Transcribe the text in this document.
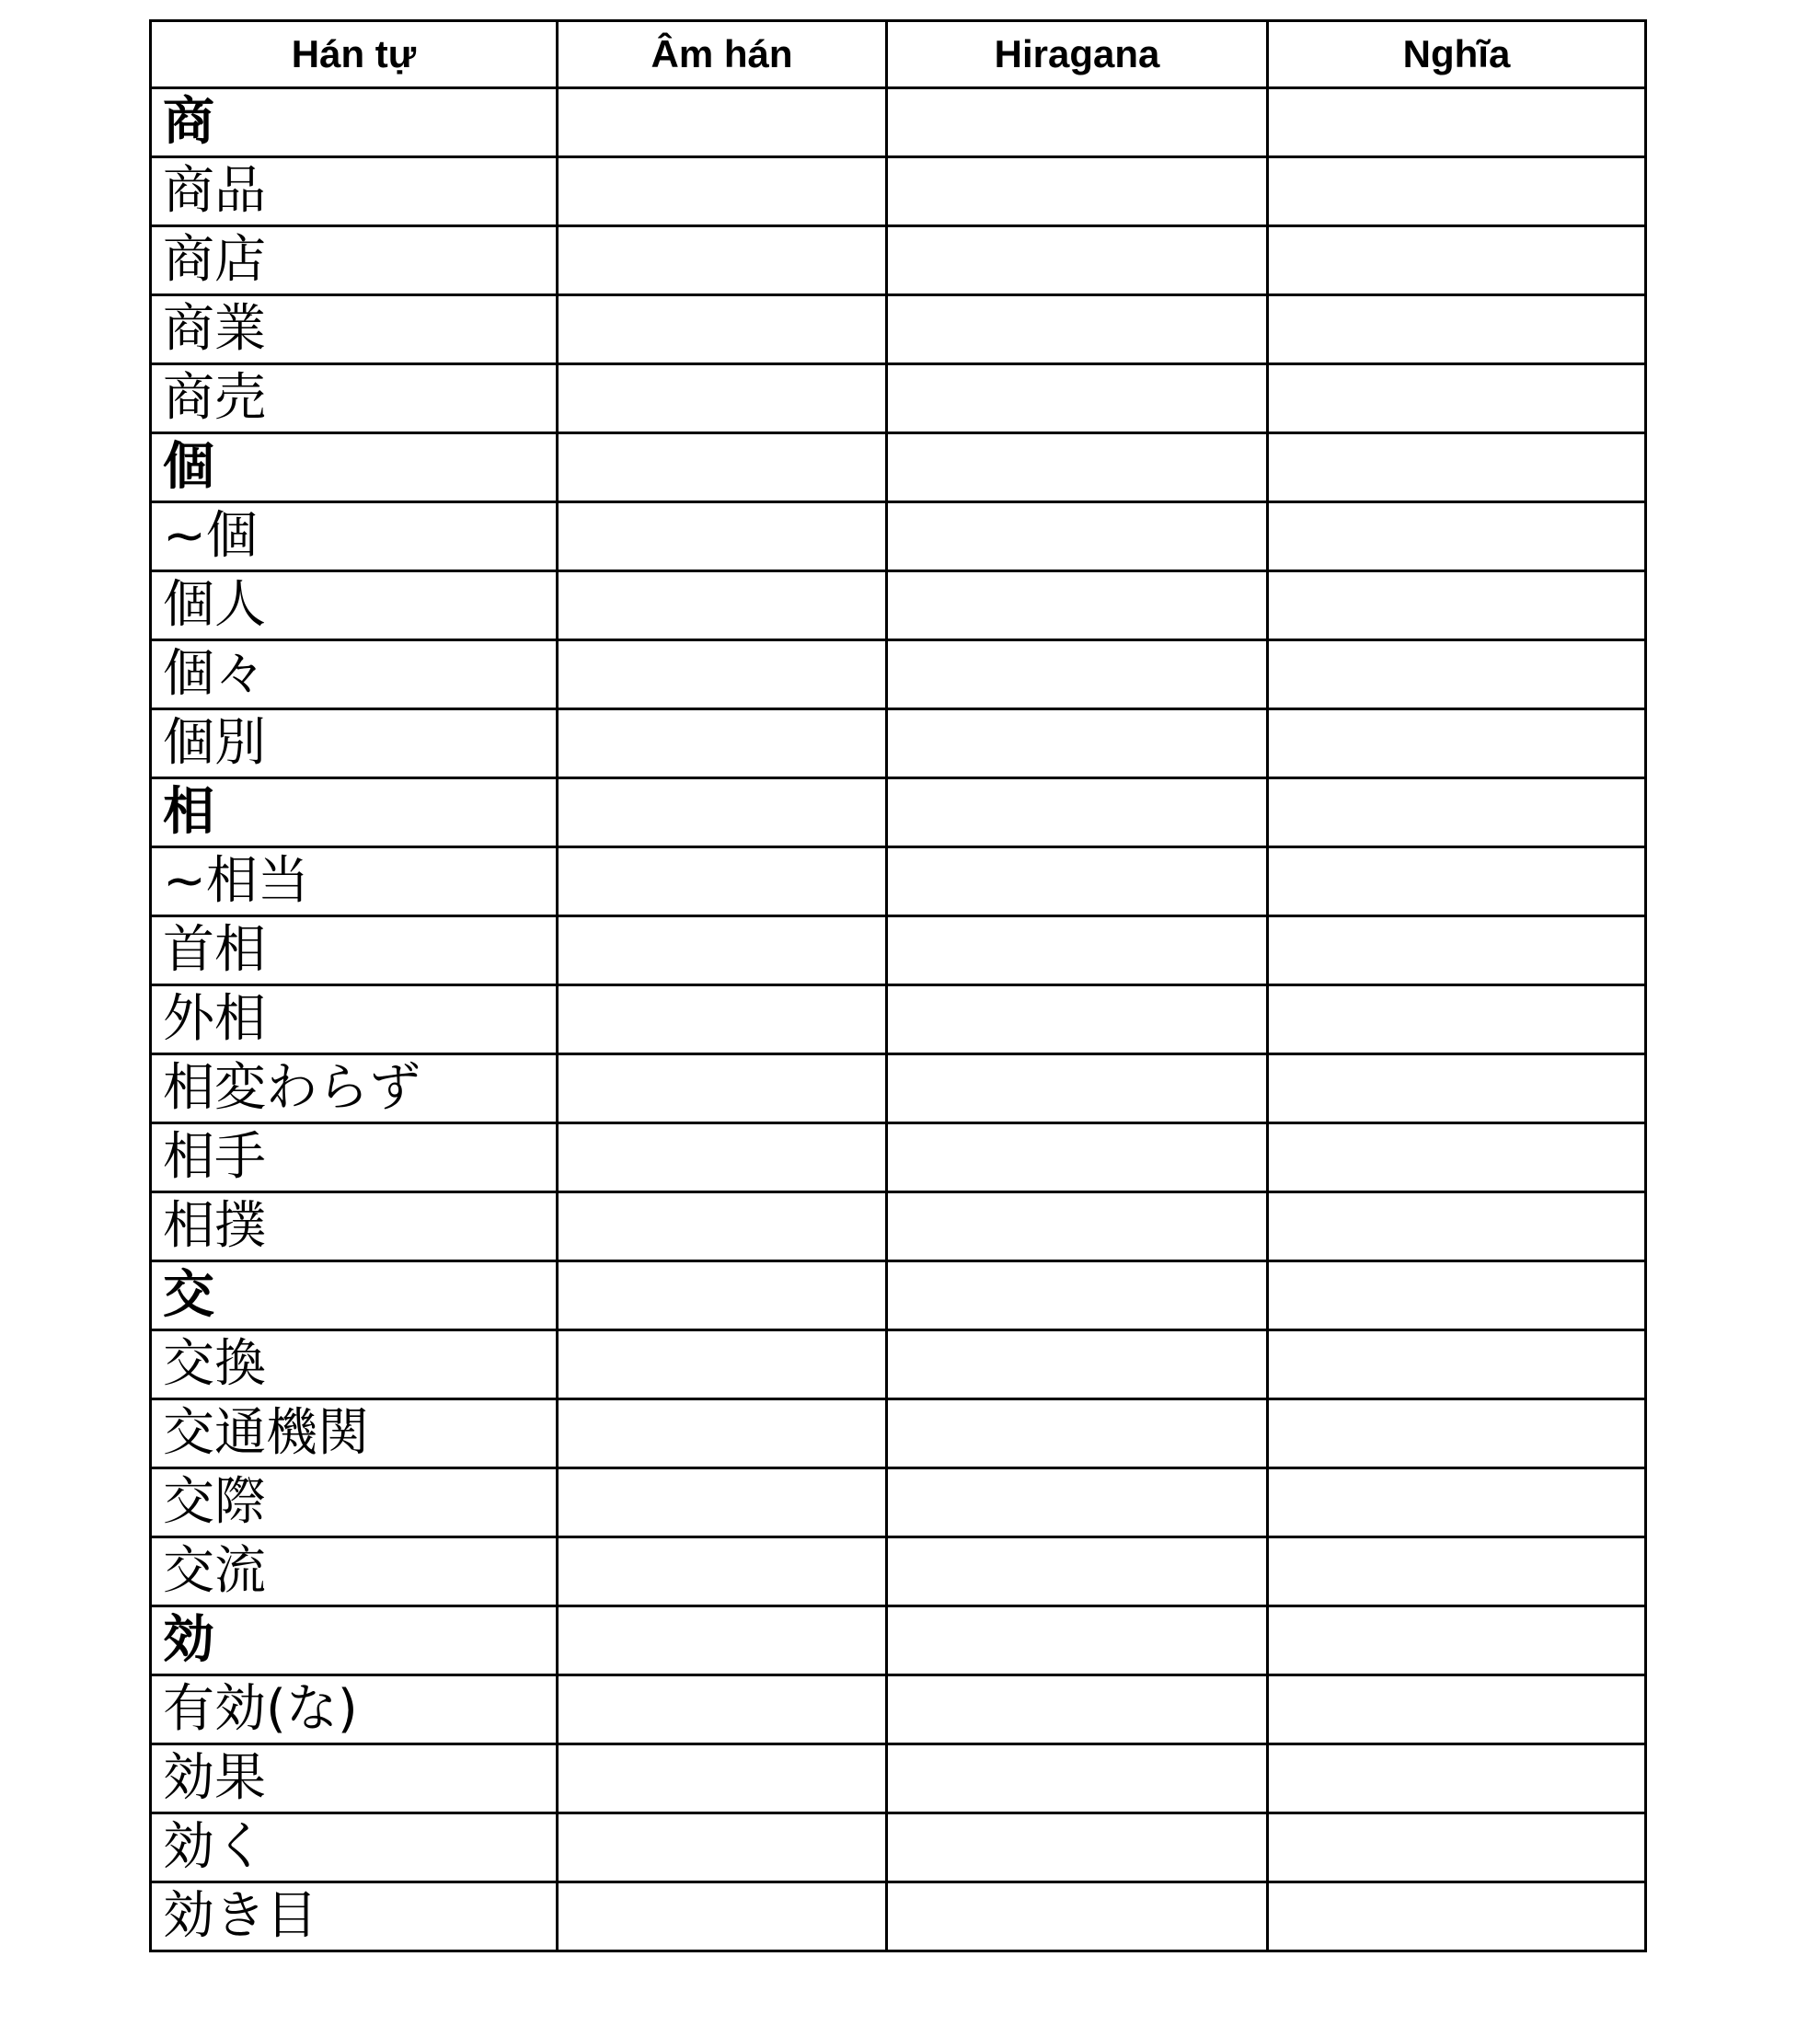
Hán tự	Âm hán	Hiragana	Nghĩa
商			
商品			
商店			
商業			
商売			
個			
~個			
個人			
個々			
個別			
相			
~相当			
首相			
外相			
相変わらず			
相手			
相撲			
交			
交換			
交通機関			
交際			
交流			
効			
有効(な)			
効果			
効く			
効き目			
